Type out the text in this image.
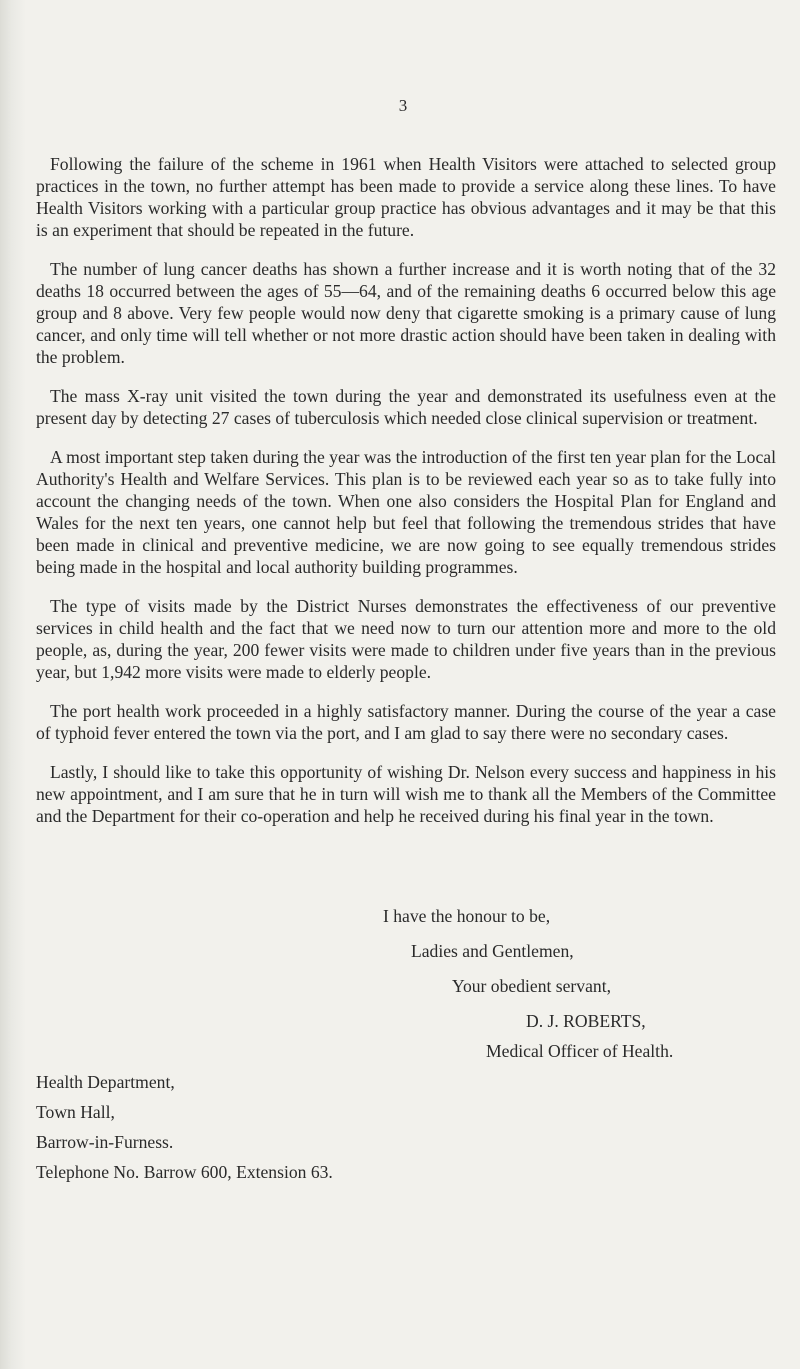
3

Following the failure of the scheme in 1961 when Health Visitors were attached to selected group practices in the town, no further attempt has been made to provide a service along these lines. To have Health Visitors working with a particular group practice has obvious advantages and it may be that this is an experiment that should be repeated in the future.

The number of lung cancer deaths has shown a further increase and it is worth noting that of the 32 deaths 18 occurred between the ages of 55—64, and of the remaining deaths 6 occurred below this age group and 8 above. Very few people would now deny that cigarette smoking is a primary cause of lung cancer, and only time will tell whether or not more drastic action should have been taken in dealing with the problem.

The mass X-ray unit visited the town during the year and demonstrated its usefulness even at the present day by detecting 27 cases of tuberculosis which needed close clinical supervision or treatment.

A most important step taken during the year was the introduction of the first ten year plan for the Local Authority's Health and Welfare Services. This plan is to be reviewed each year so as to take fully into account the changing needs of the town. When one also considers the Hospital Plan for England and Wales for the next ten years, one cannot help but feel that following the tremendous strides that have been made in clinical and preventive medicine, we are now going to see equally tremendous strides being made in the hospital and local authority building programmes.

The type of visits made by the District Nurses demonstrates the effectiveness of our preventive services in child health and the fact that we need now to turn our attention more and more to the old people, as, during the year, 200 fewer visits were made to children under five years than in the previous year, but 1,942 more visits were made to elderly people.

The port health work proceeded in a highly satisfactory manner. During the course of the year a case of typhoid fever entered the town via the port, and I am glad to say there were no secondary cases.

Lastly, I should like to take this opportunity of wishing Dr. Nelson every success and happiness in his new appointment, and I am sure that he in turn will wish me to thank all the Members of the Committee and the Department for their co-operation and help he received during his final year in the town.

I have the honour to be,
Ladies and Gentlemen,
Your obedient servant,
D. J. ROBERTS,
Medical Officer of Health.
Health Department,
Town Hall,
Barrow-in-Furness.
Telephone No. Barrow 600, Extension 63.
